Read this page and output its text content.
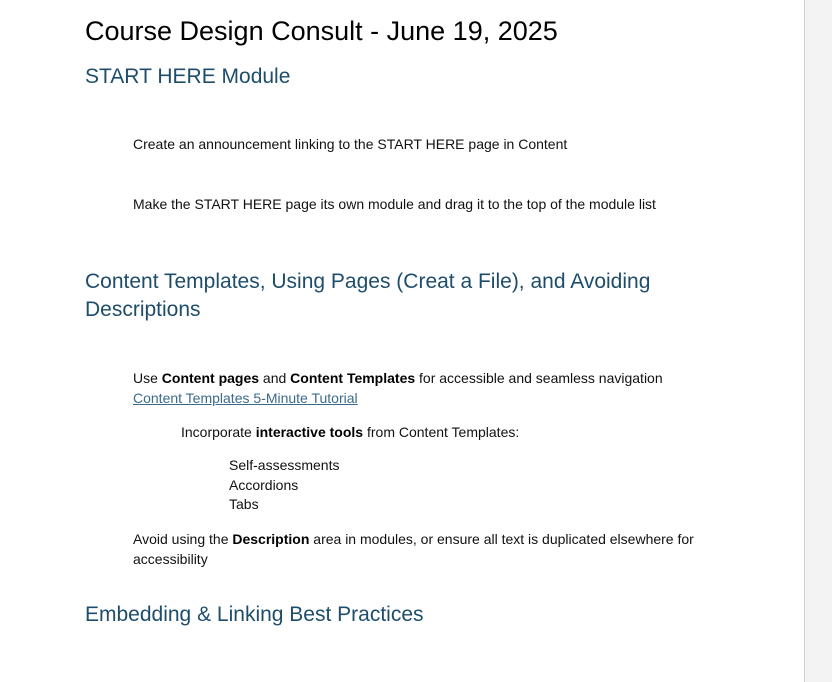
Course Design Consult - June 19, 2025
START HERE Module

Create an announcement linking to the START HERE page in Content

Make the START HERE page its own module and drag it to the top of the module list

Content Templates, Using Pages (Creat a File), and Avoiding Descriptions

Use Content pages and Content Templates for accessible and seamless navigation
Content Templates 5-Minute Tutorial

Incorporate interactive tools from Content Templates:

Self-assessments
Accordions
Tabs

Avoid using the Description area in modules, or ensure all text is duplicated elsewhere for accessibility

Embedding & Linking Best Practices
